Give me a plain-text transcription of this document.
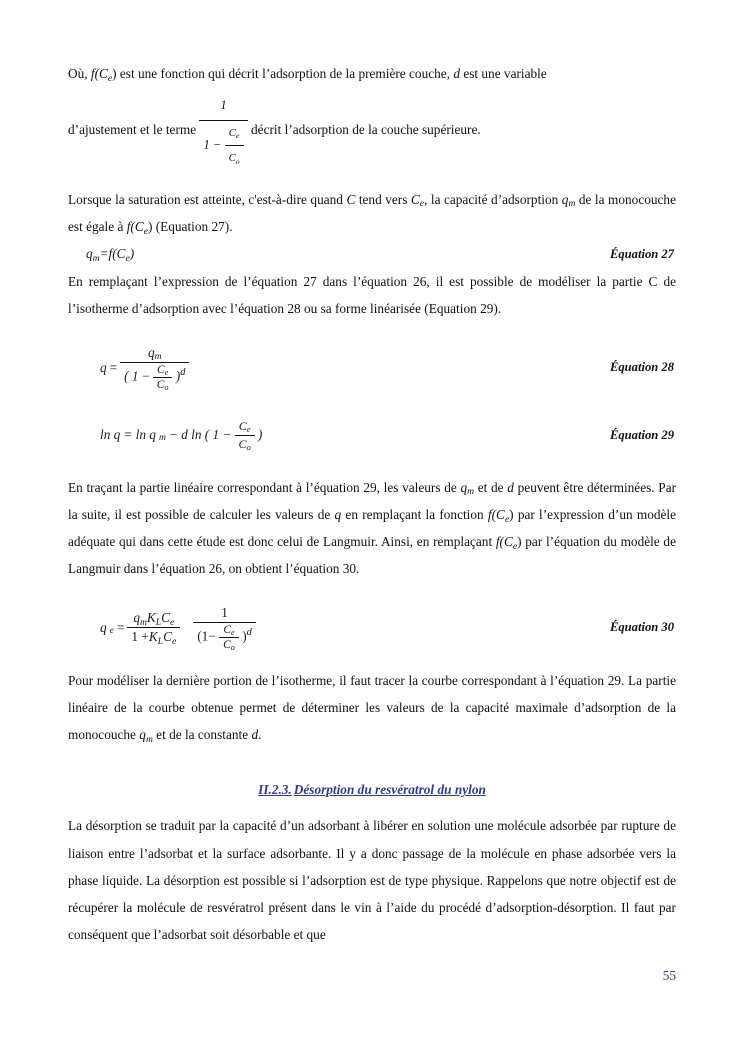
Où, $f(C_e)$ est une fonction qui décrit l’adsorption de la première couche, d est une variable

d’ajustement et le terme $\frac{1}{1 - \frac{C_e}{C_o}}$ décrit l’adsorption de la couche supérieure.

Lorsque la saturation est atteinte, c'est-à-dire quand C tend vers $C_e$, la capacité d’adsorption $q_m$ de la monocouche est égale à $f(C_e)$ (Equation 27).

$q_m=f(C_e)$	Équation 27

En remplaçant l’expression de l’équation 27 dans l’équation 26, il est possible de modéliser la partie C de l’isotherme d’adsorption avec l’équation 28 ou sa forme linéarisée (Equation 29).

q =
$q_m$
( $1 - \frac{C_e}{C_o} )^d$	Équation 28
ln q = ln q $_m$ − d ln ( $1 - \frac{C_e}{C_o}$ )	Équation 29

En traçant la partie linéaire correspondant à l’équation 29, les valeurs de $q_m$ et de d peuvent être déterminées. Par la suite, il est possible de calculer les valeurs de q en remplaçant la fonction $f(C_e)$ par l’expression d’un modèle adéquate qui dans cette étude est donc celui de Langmuir. Ainsi, en remplaçant $f(C_e)$ par l’équation du modèle de Langmuir dans l’équation 26, on obtient l’équation 30.

q $_e = \frac{q_mK_LC_e}{1 +K_LC_e}$	1
$(1- \frac{C_e}{C_o} )^d$	Équation 30

Pour modéliser la dernière portion de l’isotherme, il faut tracer la courbe correspondant à l’équation 29. La partie linéaire de la courbe obtenue permet de déterminer les valeurs de la capacité maximale d’adsorption de la monocouche $q_m$ et de la constante d.

II.2.3. Désorption du resvératrol du nylon

La désorption se traduit par la capacité d’un adsorbant à libérer en solution une molécule adsorbée par rupture de liaison entre l’adsorbat et la surface adsorbante. Il y a donc passage de la molécule en phase adsorbée vers la phase liquide. La désorption est possible si l’adsorption est de type physique. Rappelons que notre objectif est de récupérer la molécule de resvératrol présent dans le vin à l’aide du procédé d’adsorption-désorption. Il faut par conséquent que l’adsorbat soit désorbable et que

55
